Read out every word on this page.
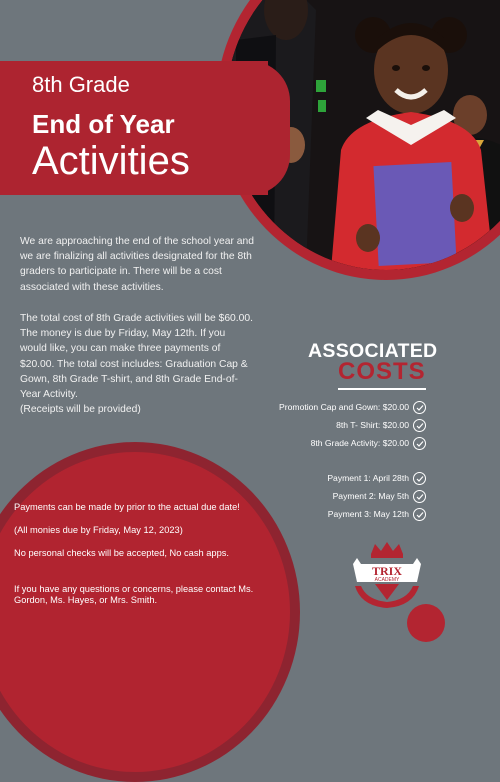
8th Grade
End of Year
Activities
We are approaching the end of the school year and we are finalizing all activities designated for the 8th graders to participate in. There will be a cost associated with these activities.
The total cost of 8th Grade activities will be $60.00. The money is due by Friday, May 12th. If you would like, you can make three payments of $20.00. The total cost includes: Graduation Cap & Gown, 8th Grade T-shirt, and 8th Grade End-of-Year Activity.
(Receipts will be provided)
ASSOCIATED
COSTS
Promotion Cap and Gown: $20.00
8th T- Shirt: $20.00
8th Grade Activity: $20.00
Payment 1: April 28th
Payment 2: May 5th
Payment 3: May 12th
Payments can be made by prior to the actual due date!
(All monies due by Friday, May 12, 2023)
No personal checks will be accepted, No cash apps.
If you have any questions or concerns, please contact Ms. Gordon, Ms. Hayes, or Mrs. Smith.
TRIX
ACADEMY
